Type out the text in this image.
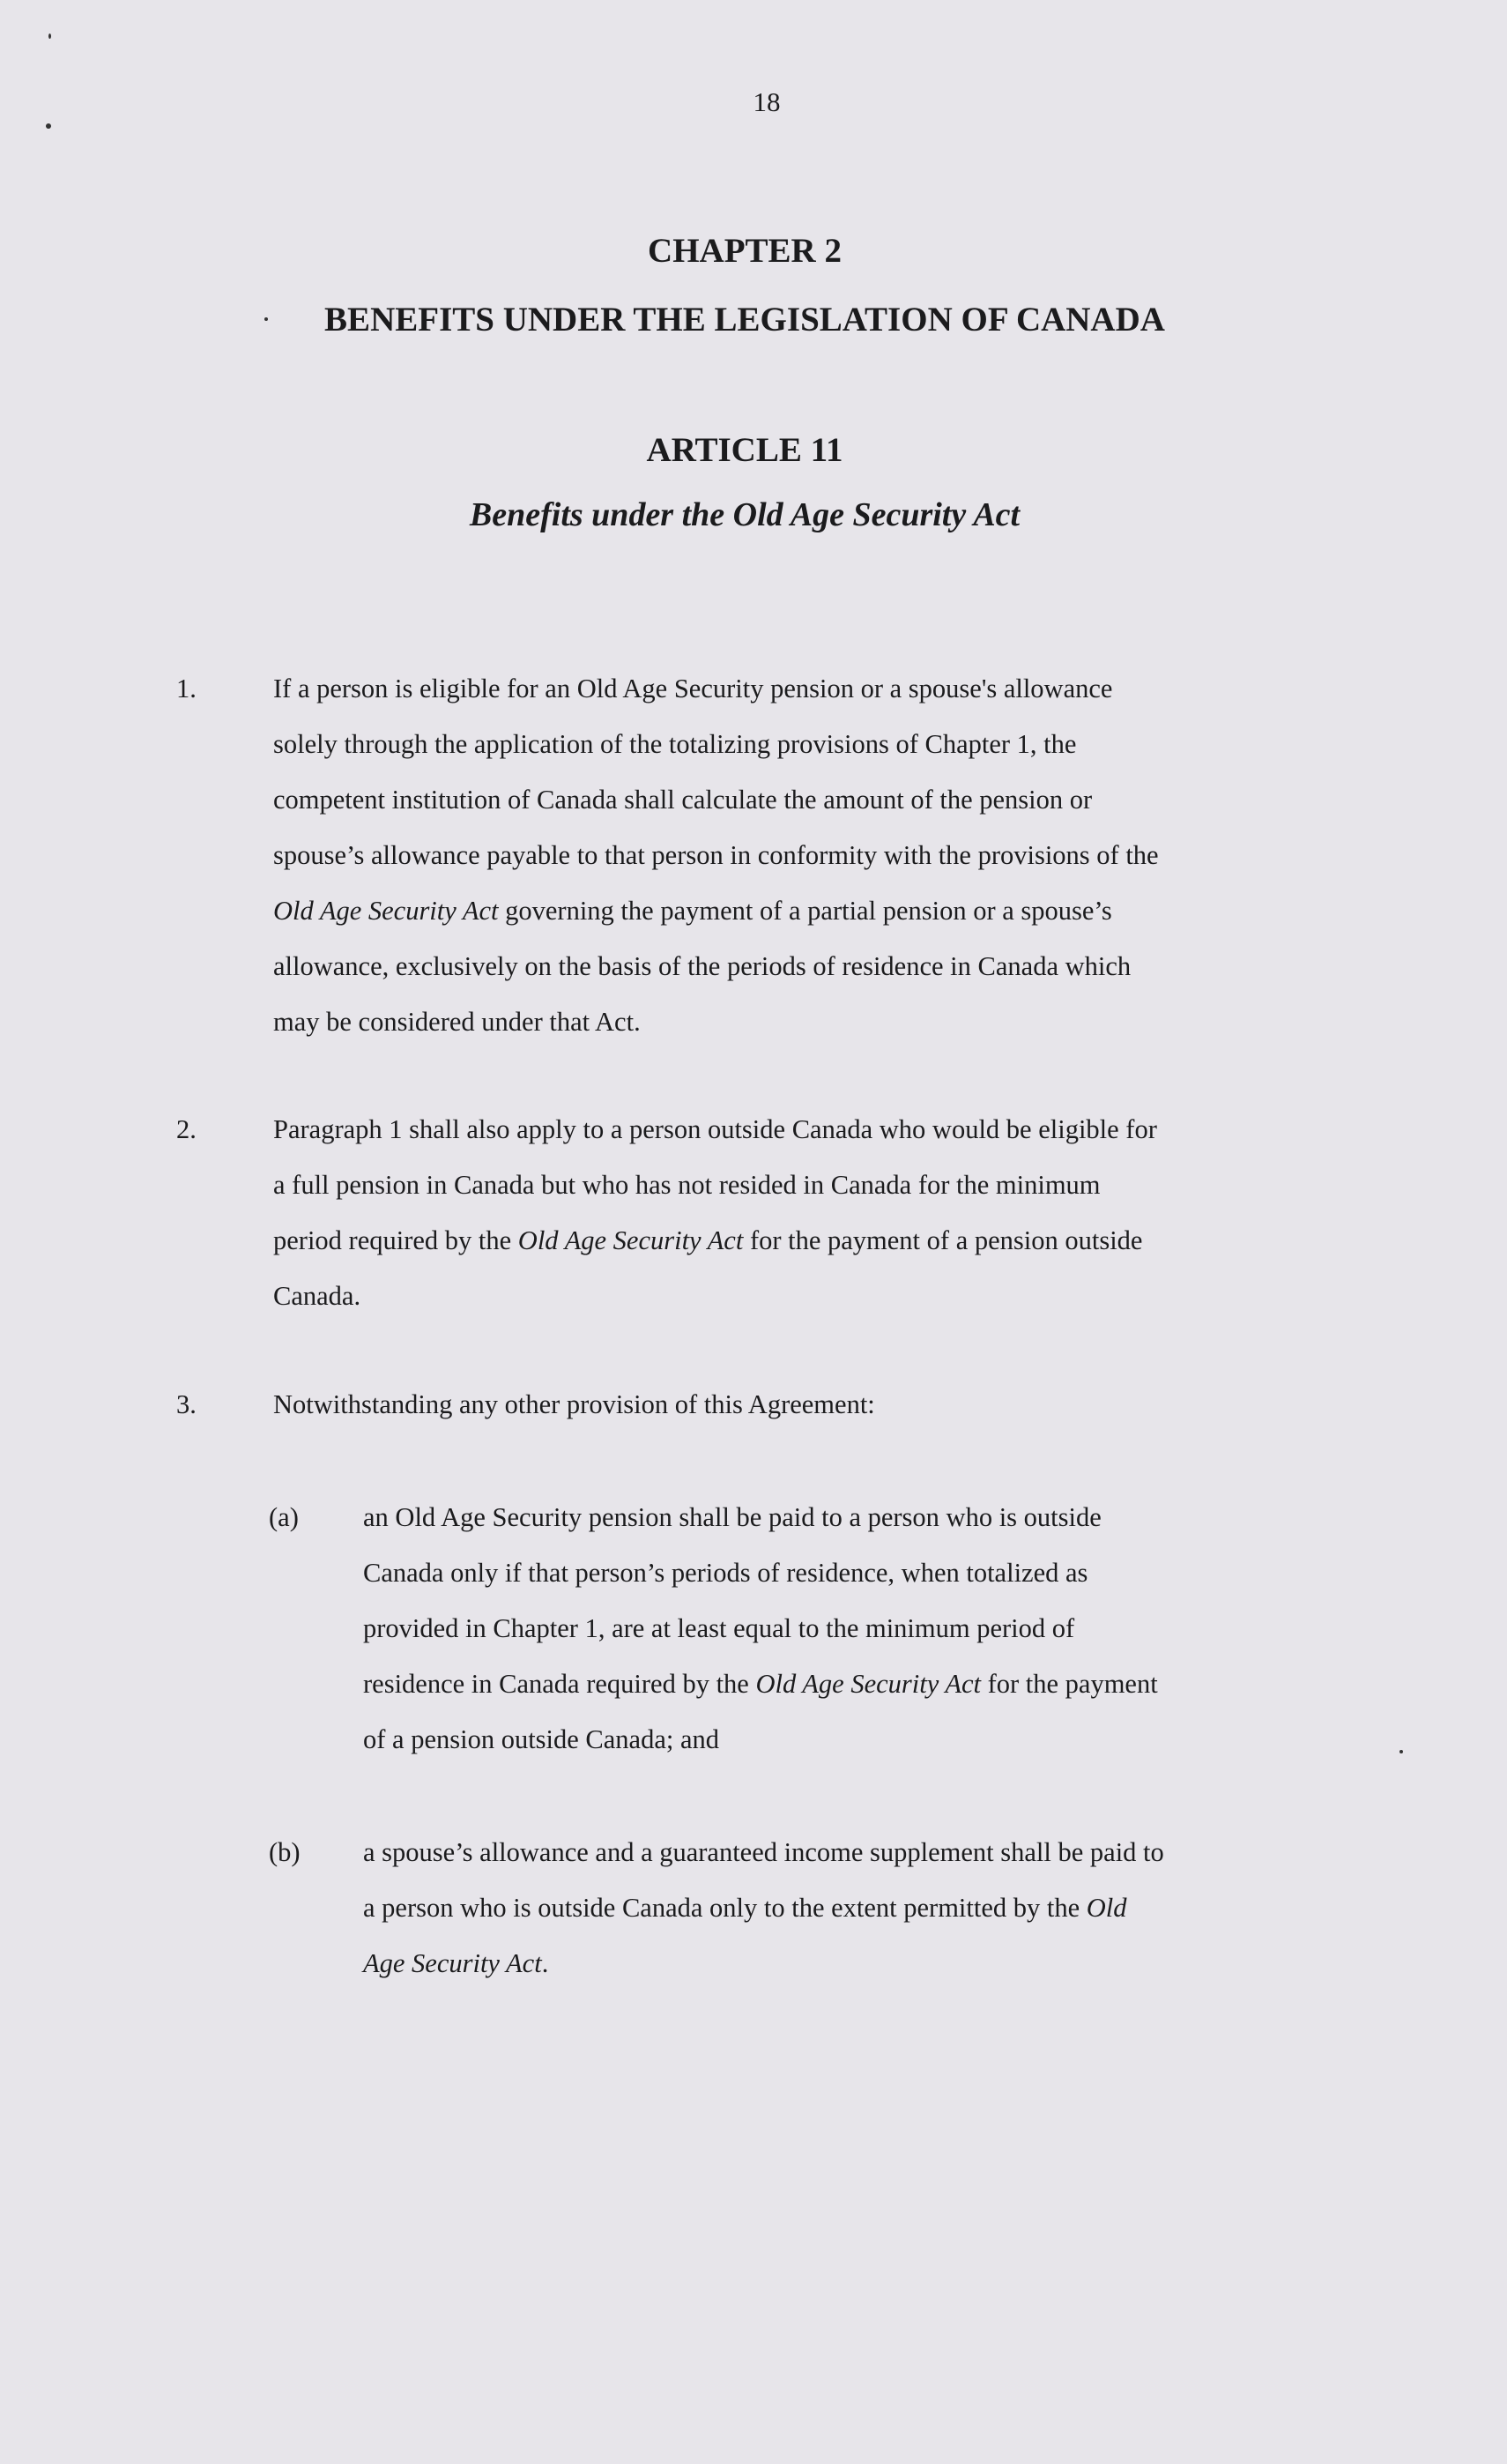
18
CHAPTER 2
BENEFITS UNDER THE LEGISLATION OF CANADA
ARTICLE 11
Benefits under the Old Age Security Act
1.	If a person is eligible for an Old Age Security pension or a spouse's allowance
solely through the application of the totalizing provisions of Chapter 1, the
competent institution of Canada shall calculate the amount of the pension or
spouse’s allowance payable to that person in conformity with the provisions of the
Old Age Security Act governing the payment of a partial pension or a spouse’s
allowance, exclusively on the basis of the periods of residence in Canada which
may be considered under that Act.
2.	Paragraph 1 shall also apply to a person outside Canada who would be eligible for
a full pension in Canada but who has not resided in Canada for the minimum
period required by the Old Age Security Act for the payment of a pension outside
Canada.
3.	Notwithstanding any other provision of this Agreement:
(a) an Old Age Security pension shall be paid to a person who is outside
Canada only if that person’s periods of residence, when totalized as
provided in Chapter 1, are at least equal to the minimum period of
residence in Canada required by the Old Age Security Act for the payment
of a pension outside Canada; and
(b) a spouse’s allowance and a guaranteed income supplement shall be paid to
a person who is outside Canada only to the extent permitted by the Old
Age Security Act.
